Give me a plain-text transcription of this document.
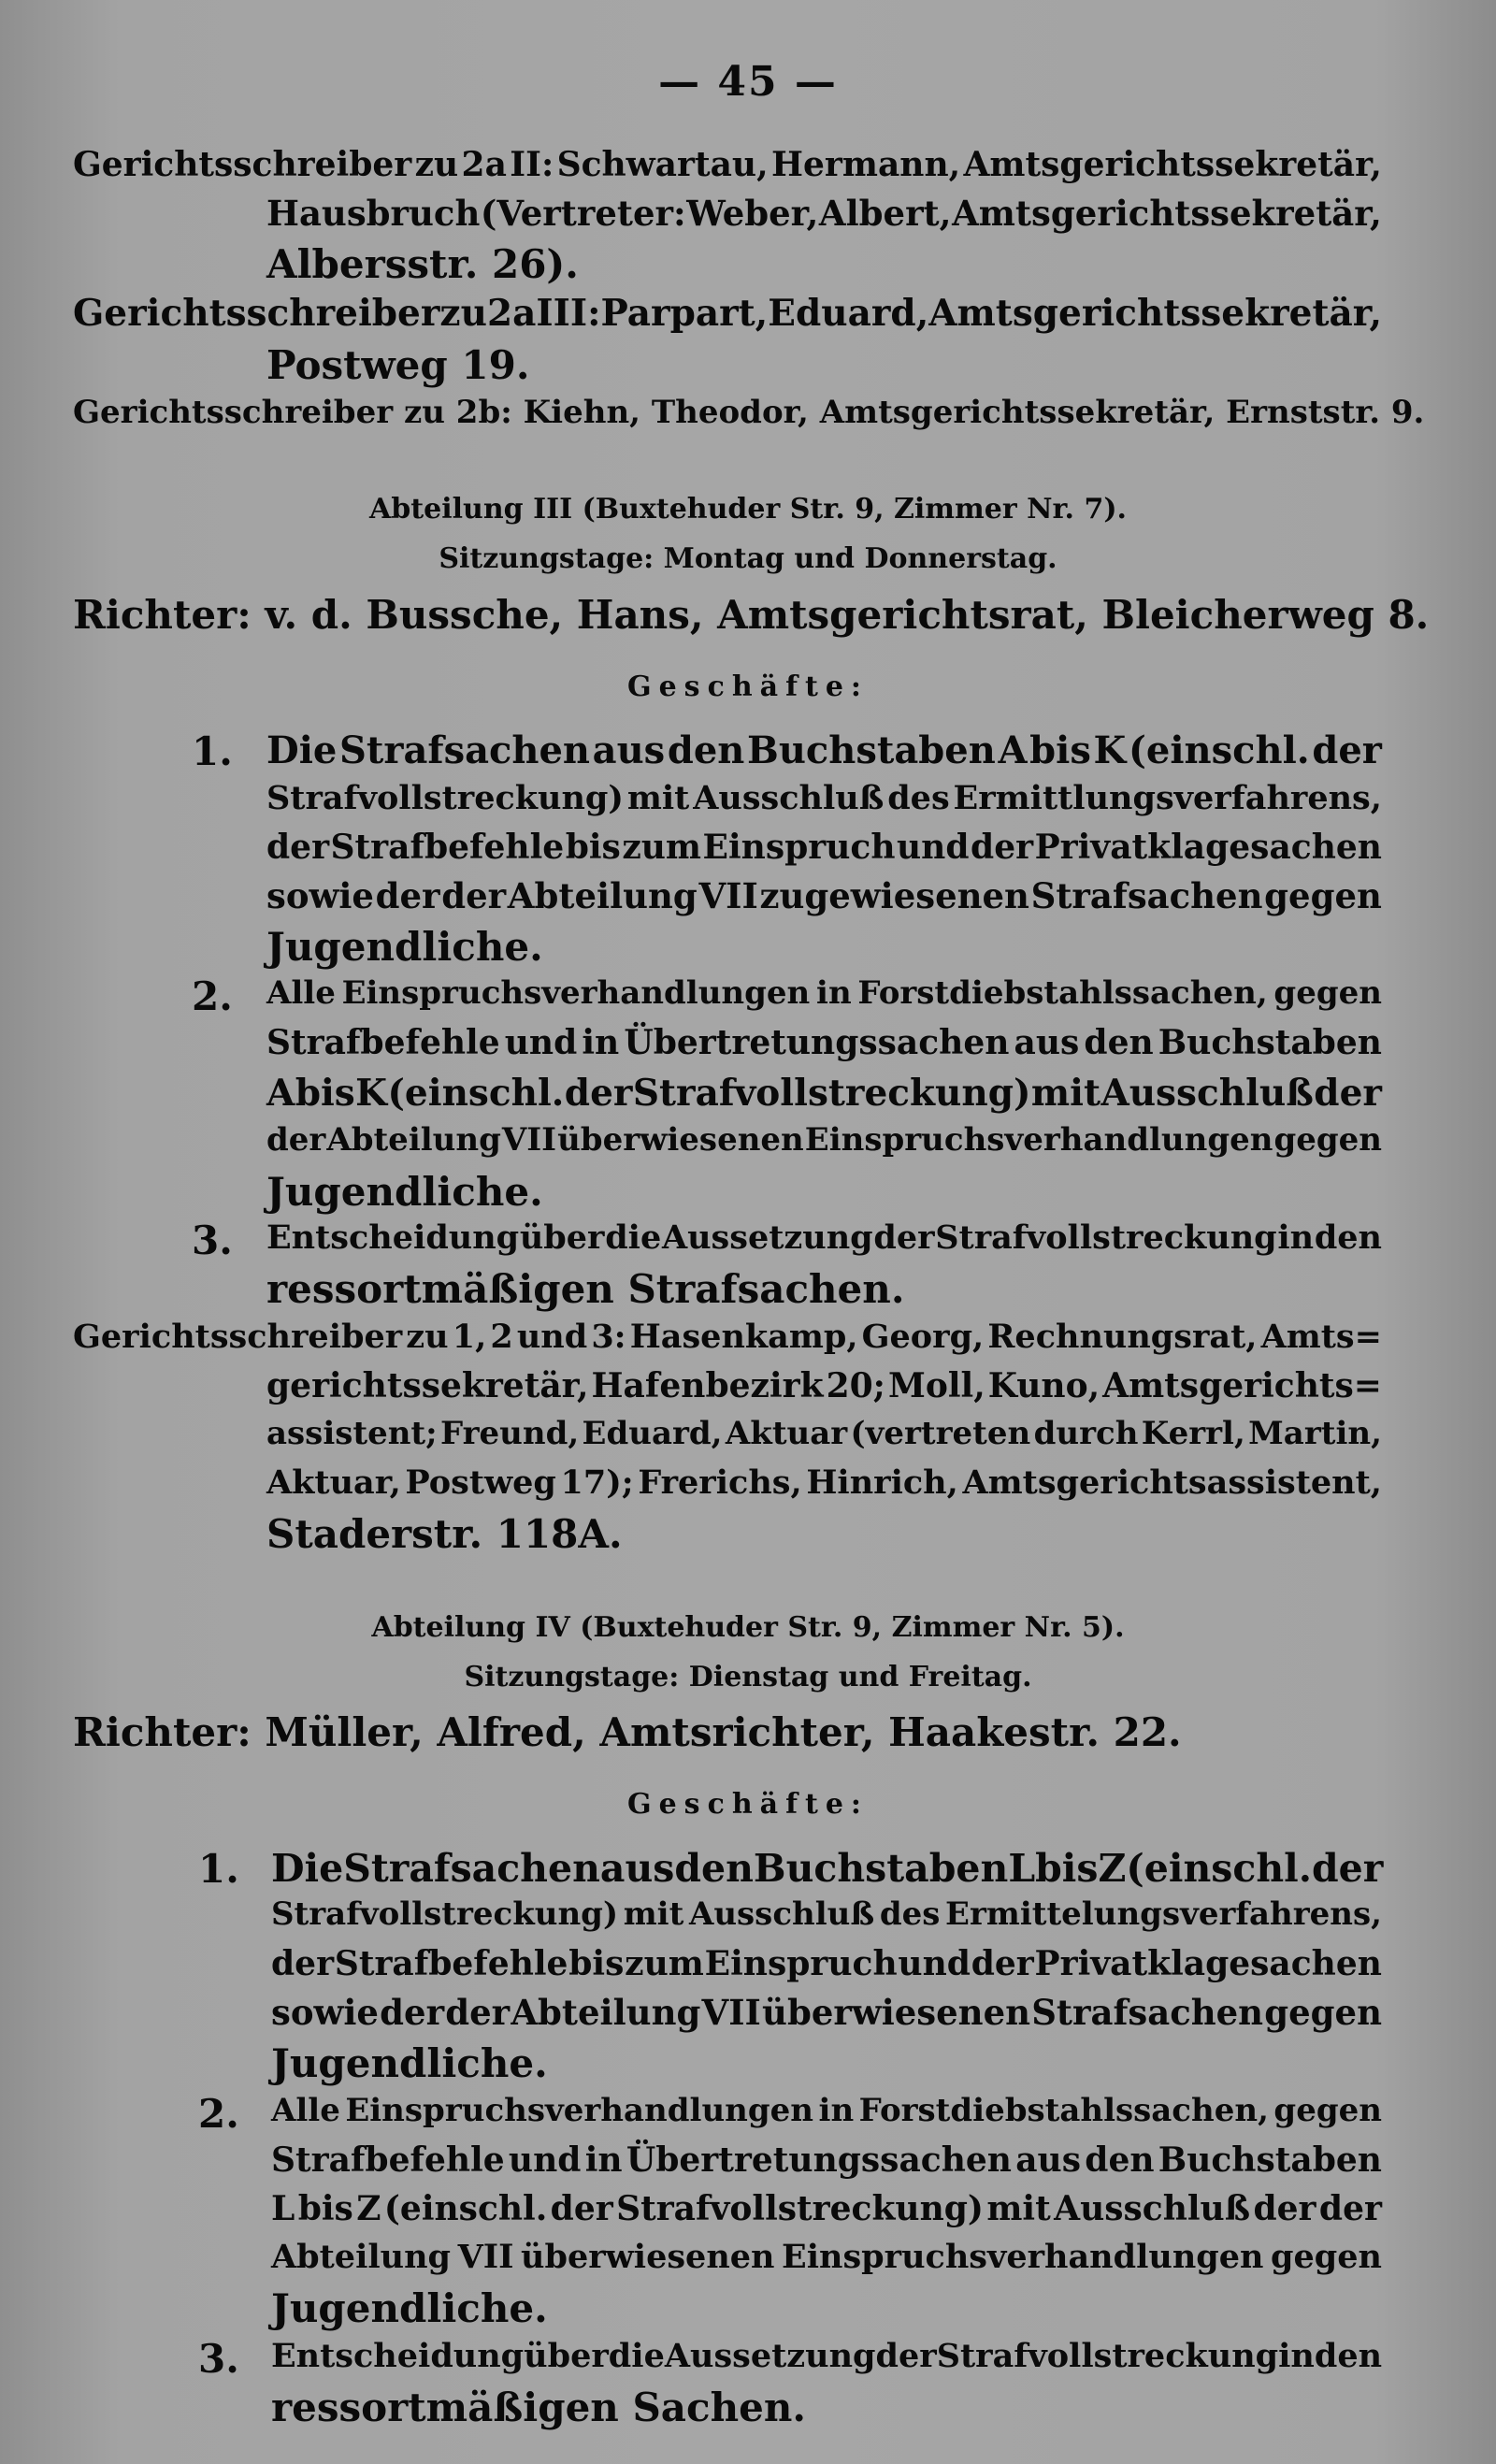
— 45 —
Gerichtsschreiber zu 2a II: Schwartau, Hermann, Amtsgerichtssekretär,
Hausbruch (Vertreter: Weber, Albert, Amtsgerichtssekretär,
Albersstr. 26).
Gerichtsschreiber zu 2a III: Parpart, Eduard, Amtsgerichtssekretär,
Postweg 19.
Gerichtsschreiber zu 2b: Kiehn, Theodor, Amtsgerichtssekretär, Ernststr. 9.
Abteilung III (Buxtehuder Str. 9, Zimmer Nr. 7).
Sitzungstage: Montag und Donnerstag.
Richter: v. d. Bussche, Hans, Amtsgerichtsrat, Bleicherweg 8.
Geschäfte:
1. Die Strafsachen aus den Buchstaben A bis K (einschl. der
Strafvollstreckung) mit Ausschluß des Ermittlungsverfahrens,
der Strafbefehle bis zum Einspruch und der Privatklagesachen
sowie der der Abteilung VII zugewiesenen Strafsachen gegen
Jugendliche.
2. Alle Einspruchsverhandlungen in Forstdiebstahlssachen, gegen
Strafbefehle und in Übertretungssachen aus den Buchstaben
A bis K (einschl. der Strafvollstreckung) mit Ausschluß der
der Abteilung VII überwiesenen Einspruchsverhandlungen gegen
Jugendliche.
3. Entscheidung über die Aussetzung der Strafvollstreckung in den
ressortmäßigen Strafsachen.
Gerichtsschreiber zu 1, 2 und 3: Hasenkamp, Georg, Rechnungsrat, Amts=
gerichtssekretär, Hafenbezirk 20; Moll, Kuno, Amtsgerichts=
assistent; Freund, Eduard, Aktuar (vertreten durch Kerrl, Martin,
Aktuar, Postweg 17); Frerichs, Hinrich, Amtsgerichtsassistent,
Staderstr. 118A.
Abteilung IV (Buxtehuder Str. 9, Zimmer Nr. 5).
Sitzungstage: Dienstag und Freitag.
Richter: Müller, Alfred, Amtsrichter, Haakestr. 22.
Geschäfte:
1. Die Strafsachen aus den Buchstaben L bis Z (einschl. der
Strafvollstreckung) mit Ausschluß des Ermittelungsverfahrens,
der Strafbefehle bis zum Einspruch und der Privatklagesachen
sowie der der Abteilung VII überwiesenen Strafsachen gegen
Jugendliche.
2. Alle Einspruchsverhandlungen in Forstdiebstahlssachen, gegen
Strafbefehle und in Übertretungssachen aus den Buchstaben
L bis Z (einschl. der Strafvollstreckung) mit Ausschluß der der
Abteilung VII überwiesenen Einspruchsverhandlungen gegen
Jugendliche.
3. Entscheidung über die Aussetzung der Strafvollstreckung in den
ressortmäßigen Sachen.
